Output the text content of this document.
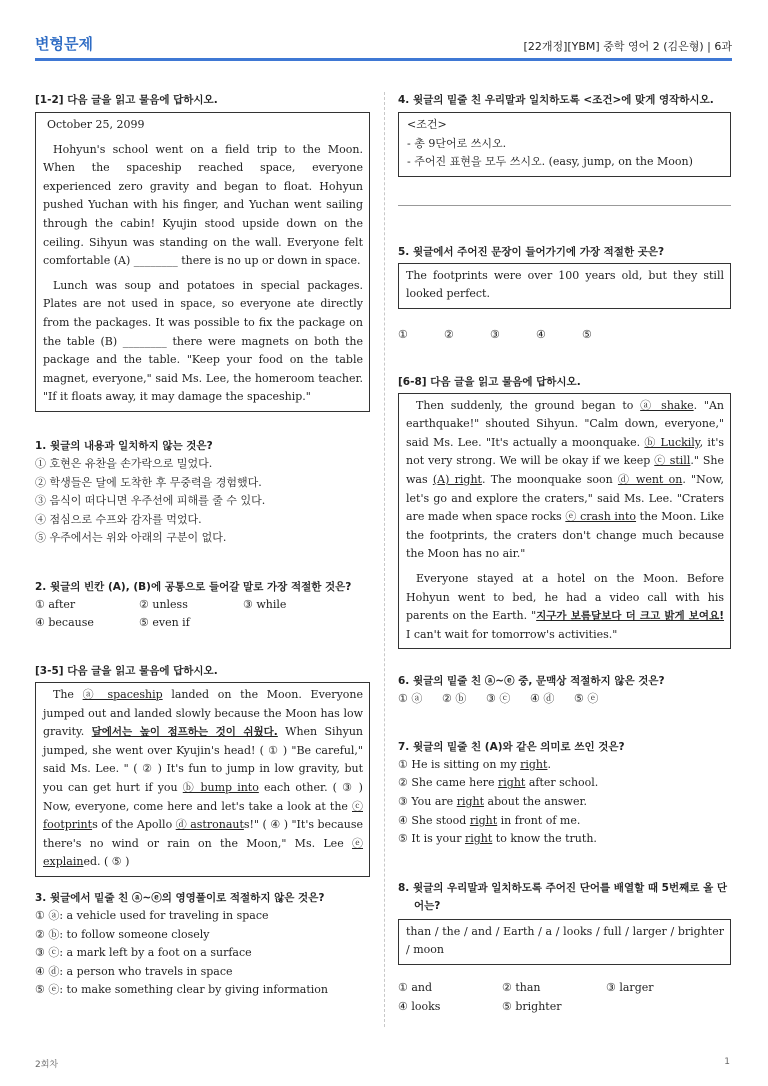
변형문제	[22개정][YBM] 중학 영어 2 (김은형) | 6과
[1-2] 다음 글을 읽고 물음에 답하시오.

October 25, 2099

Hohyun's school went on a field trip to the Moon. When the spaceship reached space, everyone experienced zero gravity and began to float. Hohyun pushed Yuchan with his finger, and Yuchan went sailing through the cabin! Kyujin stood upside down on the ceiling. Sihyun was standing on the wall. Everyone felt comfortable (A) ________ there is no up or down in space.

Lunch was soup and potatoes in special packages. Plates are not used in space, so everyone ate directly from the packages. It was possible to fix the package on the table (B) ________ there were magnets on both the package and the table. "Keep your food on the table magnet, everyone," said Ms. Lee, the homeroom teacher. "If it floats away, it may damage the spaceship."

1. 윗글의 내용과 일치하지 않는 것은?
① 호현은 유찬을 손가락으로 밀었다.
② 학생들은 달에 도착한 후 무중력을 경험했다.
③ 음식이 떠다니면 우주선에 피해를 줄 수 있다.
④ 점심으로 수프와 감자를 먹었다.
⑤ 우주에서는 위와 아래의 구분이 없다.
2. 윗글의 빈칸 (A), (B)에 공통으로 들어갈 말로 가장 적절한 것은?
① after	② unless	③ while
④ because	⑤ even if
[3-5] 다음 글을 읽고 물음에 답하시오.

The ⓐ spaceship landed on the Moon. Everyone jumped out and landed slowly because the Moon has low gravity. 달에서는 높이 점프하는 것이 쉬웠다. When Sihyun jumped, she went over Kyujin's head! ( ① ) "Be careful," said Ms. Lee. " ( ② ) It's fun to jump in low gravity, but you can get hurt if you ⓑ bump into each other. ( ③ ) Now, everyone, come here and let's take a look at the ⓒ footprints of the Apollo ⓓ astronauts!" ( ④ ) "It's because there's no wind or rain on the Moon," Ms. Lee ⓔ explained. ( ⑤ )

3. 윗글에서 밑줄 친 ⓐ~ⓔ의 영영풀이로 적절하지 않은 것은?
① ⓐ: a vehicle used for traveling in space
② ⓑ: to follow someone closely
③ ⓒ: a mark left by a foot on a surface
④ ⓓ: a person who travels in space
⑤ ⓔ: to make something clear by giving information
4. 윗글의 밑줄 친 우리말과 일치하도록 <조건>에 맞게 영작하시오.
<조건>
- 총 9단어로 쓰시오.
- 주어진 표현을 모두 쓰시오. (easy, jump, on the Moon)
5. 윗글에서 주어진 문장이 들어가기에 가장 적절한 곳은?

The footprints were over 100 years old, but they still looked perfect.

①	②	③	④	⑤
[6-8] 다음 글을 읽고 물음에 답하시오.

Then suddenly, the ground began to ⓐ shake. "An earthquake!" shouted Sihyun. "Calm down, everyone," said Ms. Lee. "It's actually a moonquake. ⓑ Luckily, it's not very strong. We will be okay if we keep ⓒ still." She was (A) right. The moonquake soon ⓓ went on. "Now, let's go and explore the craters," said Ms. Lee. "Craters are made when space rocks ⓔ crash into the Moon. Like the footprints, the craters don't change much because the Moon has no air."

Everyone stayed at a hotel on the Moon. Before Hohyun went to bed, he had a video call with his parents on the Earth. "지구가 보름달보다 더 크고 밝게 보여요! I can't wait for tomorrow's activities."

6. 윗글의 밑줄 친 ⓐ~ⓔ 중, 문맥상 적절하지 않은 것은?
① ⓐ	② ⓑ	③ ⓒ	④ ⓓ	⑤ ⓔ
7. 윗글의 밑줄 친 (A)와 같은 의미로 쓰인 것은?
① He is sitting on my right.
② She came here right after school.
③ You are right about the answer.
④ She stood right in front of me.
⑤ It is your right to know the truth.
8. 윗글의 우리말과 일치하도록 주어진 단어를 배열할 때 5번째로 올 단어는?

than / the / and / Earth / a / looks / full / larger / brighter / moon

① and	② than	③ larger
④ looks	⑤ brighter
2회차	1
